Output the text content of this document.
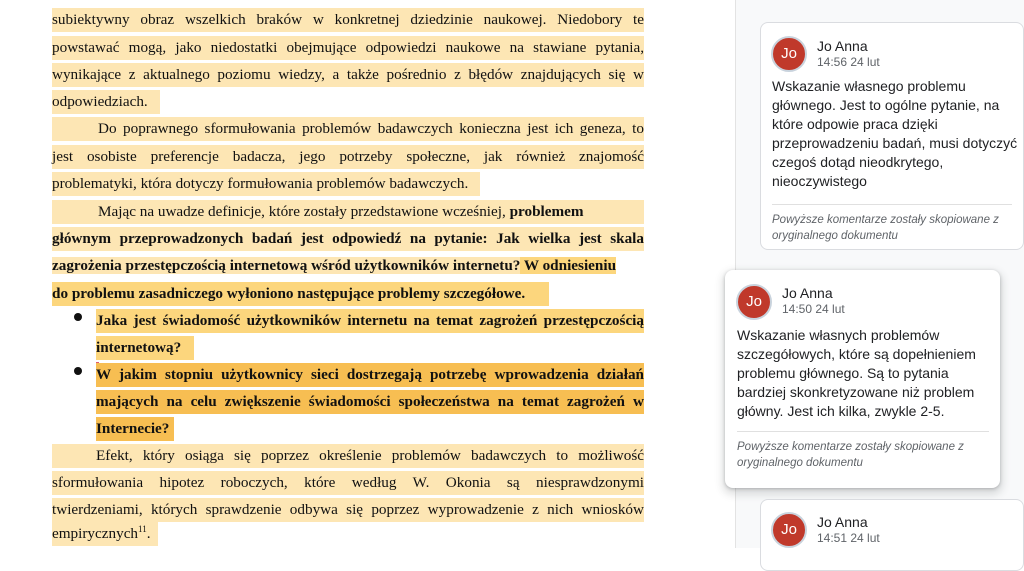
subiektywny obraz wszelkich braków w konkretnej dziedzinie naukowej. Niedobory te
powstawać mogą, jako niedostatki obejmujące odpowiedzi naukowe na stawiane pytania,
wynikające z aktualnego poziomu wiedzy, a także pośrednio z błędów znajdujących się w
odpowiedziach.
Do poprawnego sformułowania problemów badawczych konieczna jest ich geneza, to
jest osobiste preferencje badacza, jego potrzeby społeczne, jak również znajomość
problematyki, która dotyczy formułowania problemów badawczych.
Mając na uwadze definicje, które zostały przedstawione wcześniej, problemem
głównym przeprowadzonych badań jest odpowiedź na pytanie: Jak wielka jest skala
zagrożenia przestępczością internetową wśród użytkowników internetu? W odniesieniu
do problemu zasadniczego wyłoniono następujące problemy szczegółowe.
Jaka jest świadomość użytkowników internetu na temat zagrożeń przestępczością
internetową?
W jakim stopniu użytkownicy sieci dostrzegają potrzebę wprowadzenia działań
mających na celu zwiększenie świadomości społeczeństwa na temat zagrożeń w
Internecie?
Efekt, który osiąga się poprzez określenie problemów badawczych to możliwość
sformułowania hipotez roboczych, które według W. Okonia są niesprawdzonymi
twierdzeniami, których sprawdzenie odbywa się poprzez wyprowadzenie z nich wniosków
empirycznych$^{11}$.
Jo	Jo Anna
14:56 24 lut
Wskazanie własnego problemu głównego. Jest to ogólne pytanie, na które odpowie praca dzięki przeprowadzeniu badań, musi dotyczyć czegoś dotąd nieodkrytego, nieoczywistego
Powyższe komentarze zostały skopiowane z oryginalnego dokumentu
Jo	Jo Anna
14:50 24 lut
Wskazanie własnych problemów szczegółowych, które są dopełnieniem problemu głównego. Są to pytania bardziej skonkretyzowane niż problem główny. Jest ich kilka, zwykle 2-5.
Powyższe komentarze zostały skopiowane z oryginalnego dokumentu
Jo	Jo Anna
14:51 24 lut
